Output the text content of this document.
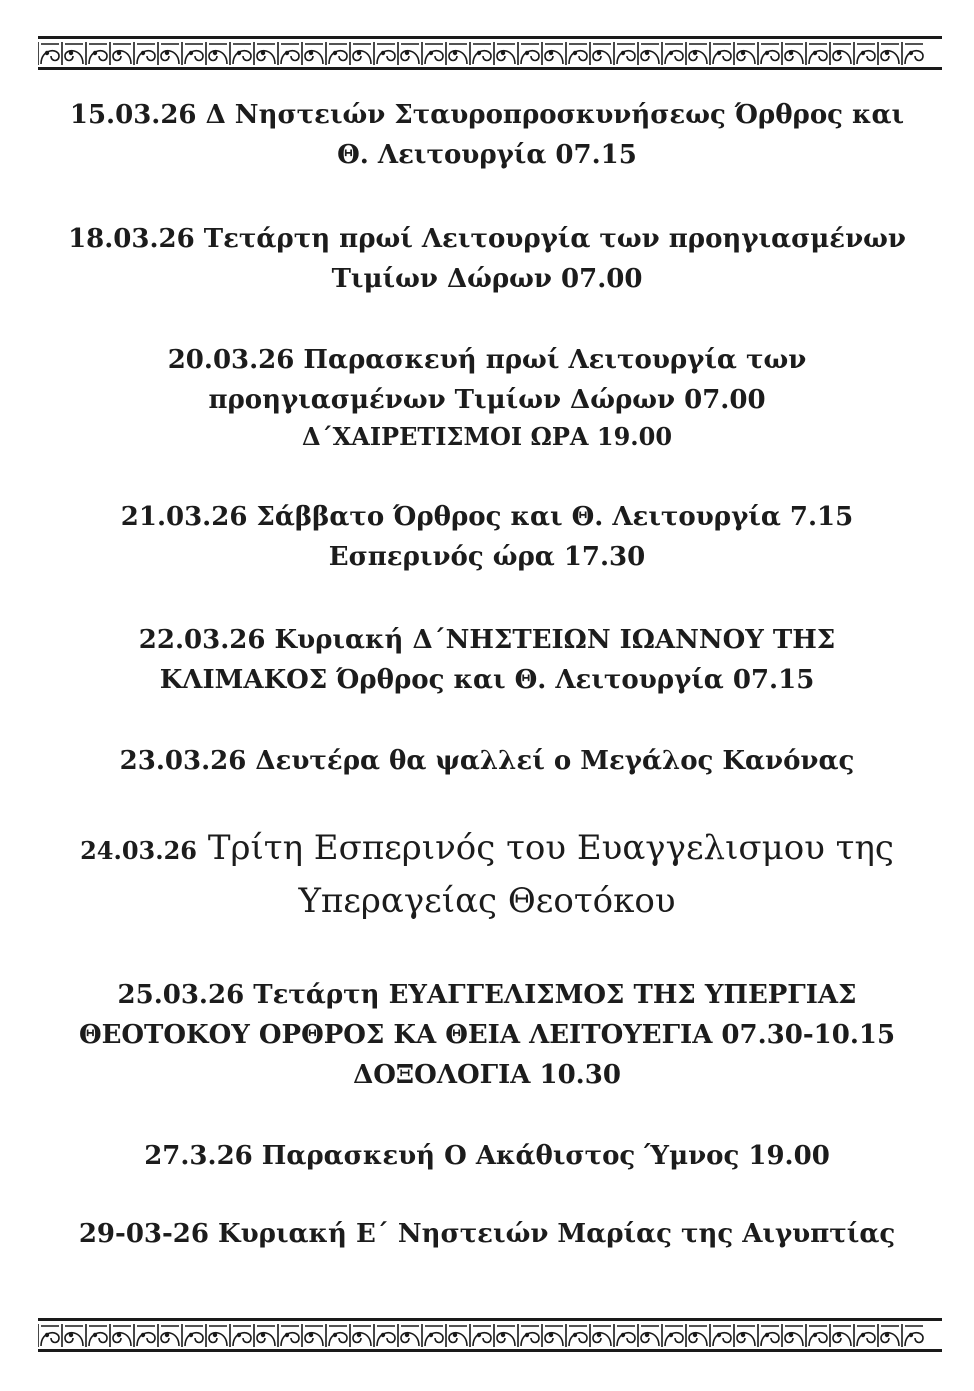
15.03.26 Δ Νηστειών Σταυροπροσκυνήσεως Όρθρος και
Θ. Λειτουργία 07.15
18.03.26 Τετάρτη πρωί Λειτουργία των προηγιασμένων
Τιμίων Δώρων 07.00
20.03.26 Παρασκευή πρωί Λειτουργία των
προηγιασμένων Τιμίων Δώρων 07.00
Δ΄ΧΑΙΡΕΤΙΣΜΟΙ ΩΡΑ 19.00
21.03.26 Σάββατο Όρθρος και Θ. Λειτουργία 7.15
Εσπερινός ώρα 17.30
22.03.26 Κυριακή Δ΄ΝΗΣΤΕΙΩΝ ΙΩΑΝΝΟΥ ΤΗΣ
ΚΛΙΜΑΚΟΣ Όρθρος και Θ. Λειτουργία 07.15
23.03.26 Δευτέρα θα ψαλλεί ο Μεγάλος Κανόνας
24.03.26 Τρίτη Εσπερινός του Ευαγγελισμου της
Υπεραγείας Θεοτόκου
25.03.26 Τετάρτη ΕΥΑΓΓΕΛΙΣΜΟΣ ΤΗΣ ΥΠΕΡΓΙΑΣ
ΘΕΟΤΟΚΟΥ ΟΡΘΡΟΣ ΚΑ ΘΕΙΑ ΛΕΙΤΟΥΕΓΙΑ 07.30-10.15
ΔΟΞΟΛΟΓΙΑ 10.30
27.3.26 Παρασκευή Ο Ακάθιστος Ύμνος 19.00
29-03-26 Κυριακή Ε΄ Νηστειών Μαρίας της Αιγυπτίας
